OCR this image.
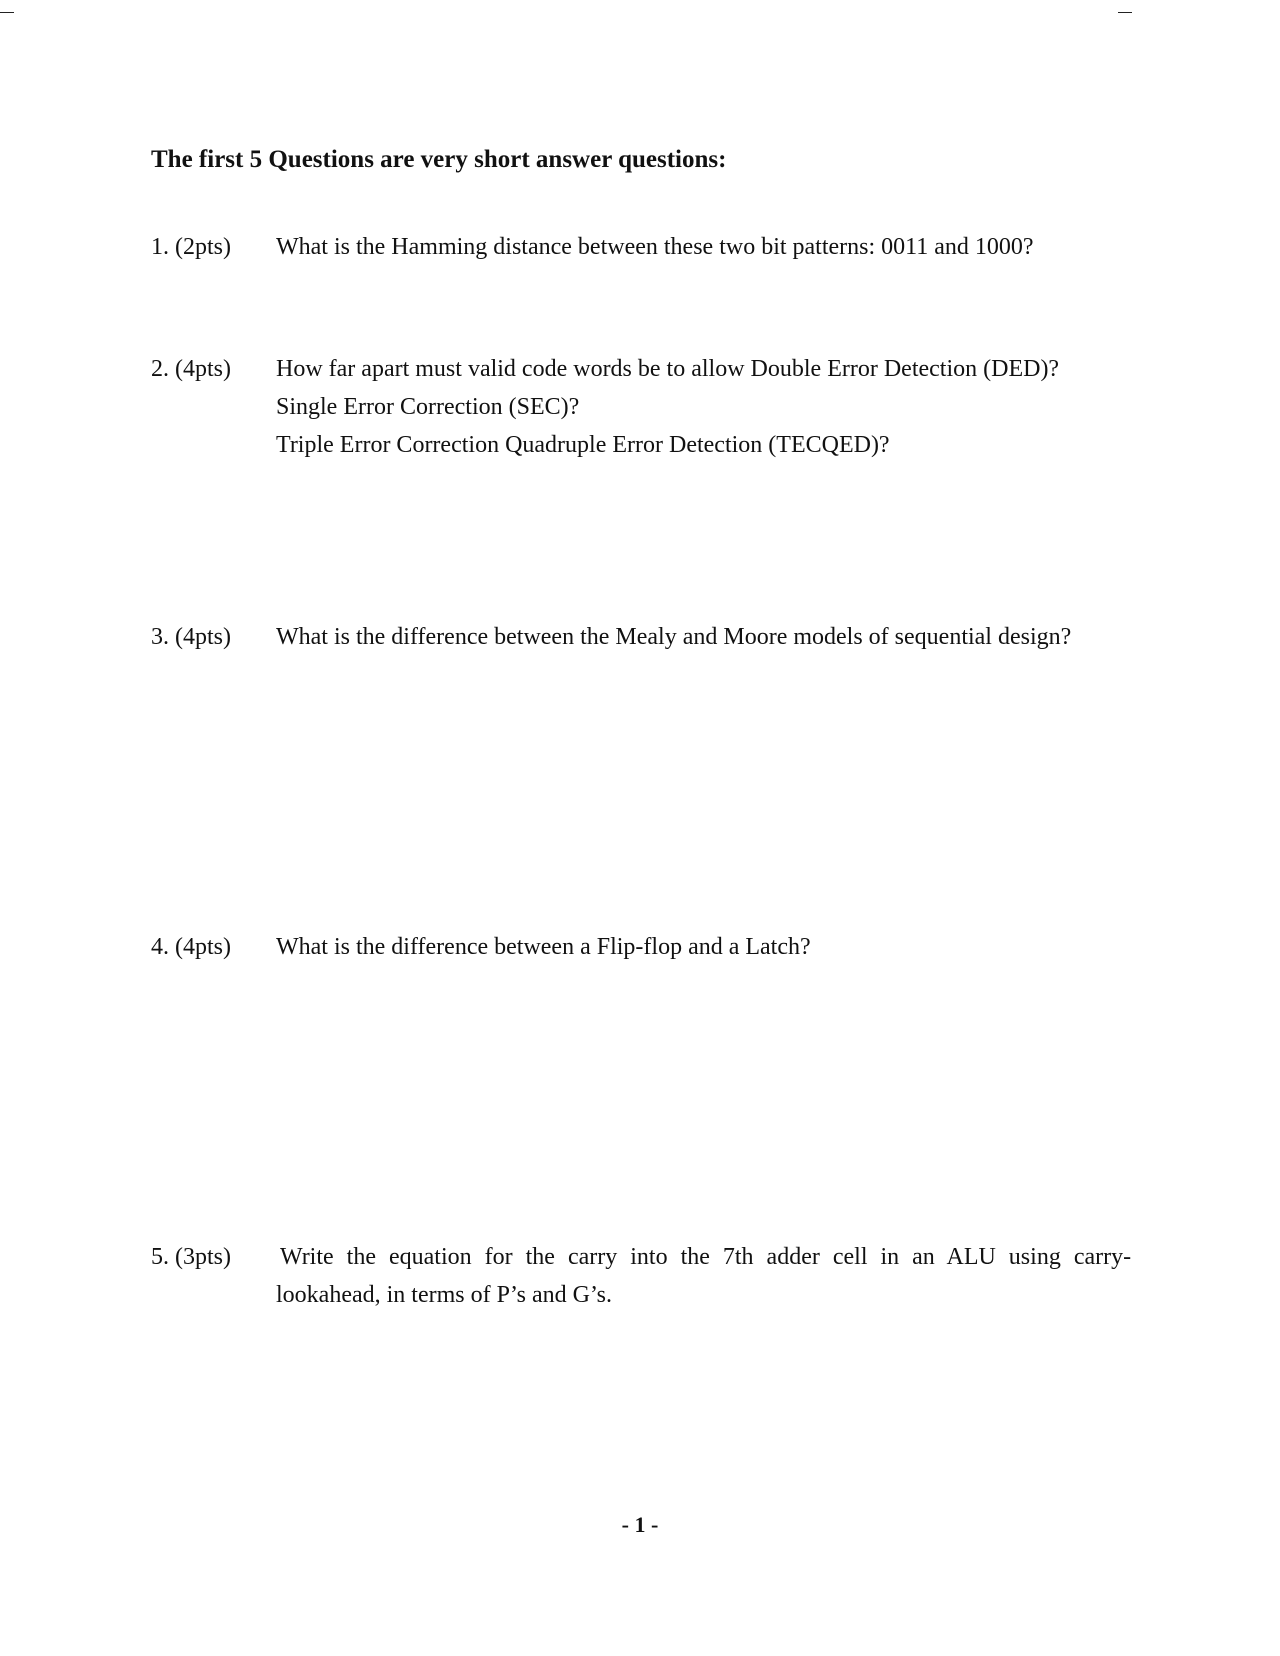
The first 5 Questions are very short answer questions:
1. (2pts) What is the Hamming distance between these two bit patterns: 0011 and 1000?
2. (4pts) How far apart must valid code words be to allow Double Error Detection (DED)?
Single Error Correction (SEC)?
Triple Error Correction Quadruple Error Detection (TECQED)?
3. (4pts) What is the difference between the Mealy and Moore models of sequential design?
4. (4pts) What is the difference between a Flip-flop and a Latch?
5. (3pts) Write the equation for the carry into the 7th adder cell in an ALU using carry-
lookahead, in terms of P’s and G’s.
- 1 -
